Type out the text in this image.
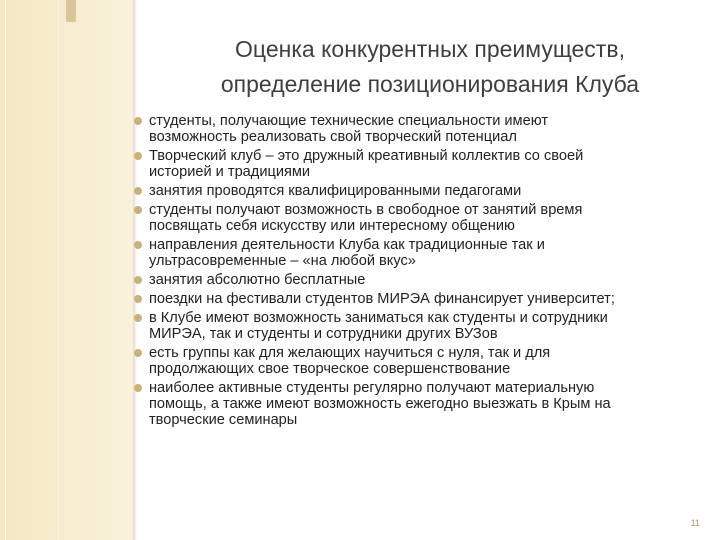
Оценка конкурентных преимуществ,
определение позиционирования Клуба
студенты, получающие технические специальности имеют
возможность реализовать свой творческий потенциал
Творческий клуб – это дружный креативный коллектив со своей
историей и традициями
занятия проводятся квалифицированными педагогами
студенты получают возможность в свободное от занятий время
посвящать себя искусству или интересному общению
направления деятельности Клуба как традиционные так и
ультрасовременные – «на любой вкус»
занятия абсолютно бесплатные
поездки на фестивали студентов МИРЭА финансирует университет;
в Клубе имеют возможность заниматься как студенты и сотрудники
МИРЭА, так и студенты и сотрудники других ВУЗов
есть группы как для желающих научиться с нуля, так и для
продолжающих свое творческое совершенствование
наиболее активные студенты регулярно получают материальную
помощь, а также имеют возможность ежегодно выезжать в Крым на
творческие семинары
11
